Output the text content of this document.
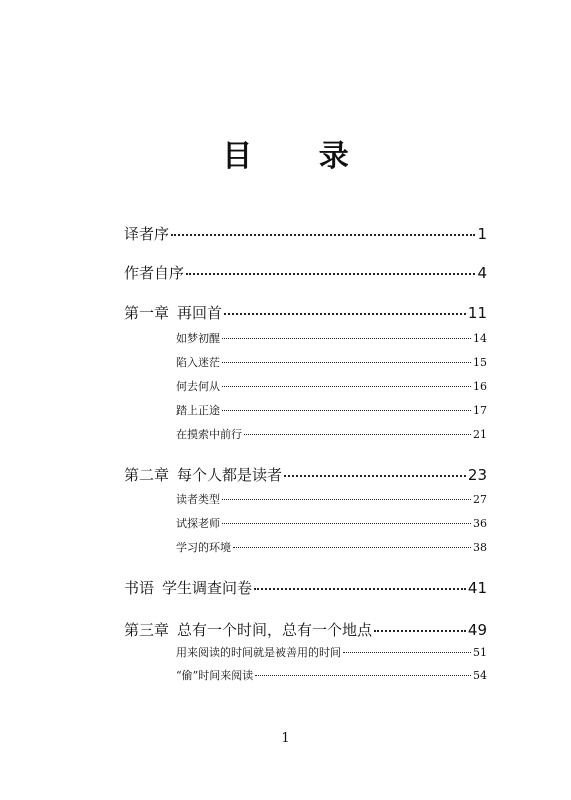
目 录
译者序	1
作者自序	4
第一章 再回首	11
如梦初醒	14
陷入迷茫	15
何去何从	16
踏上正途	17
在摸索中前行	21
第二章 每个人都是读者	23
读者类型	27
试探老师	36
学习的环境	38
书语 学生调查问卷	41
第三章 总有一个时间，总有一个地点	49
用来阅读的时间就是被善用的时间	51
“偷”时间来阅读	54
1
